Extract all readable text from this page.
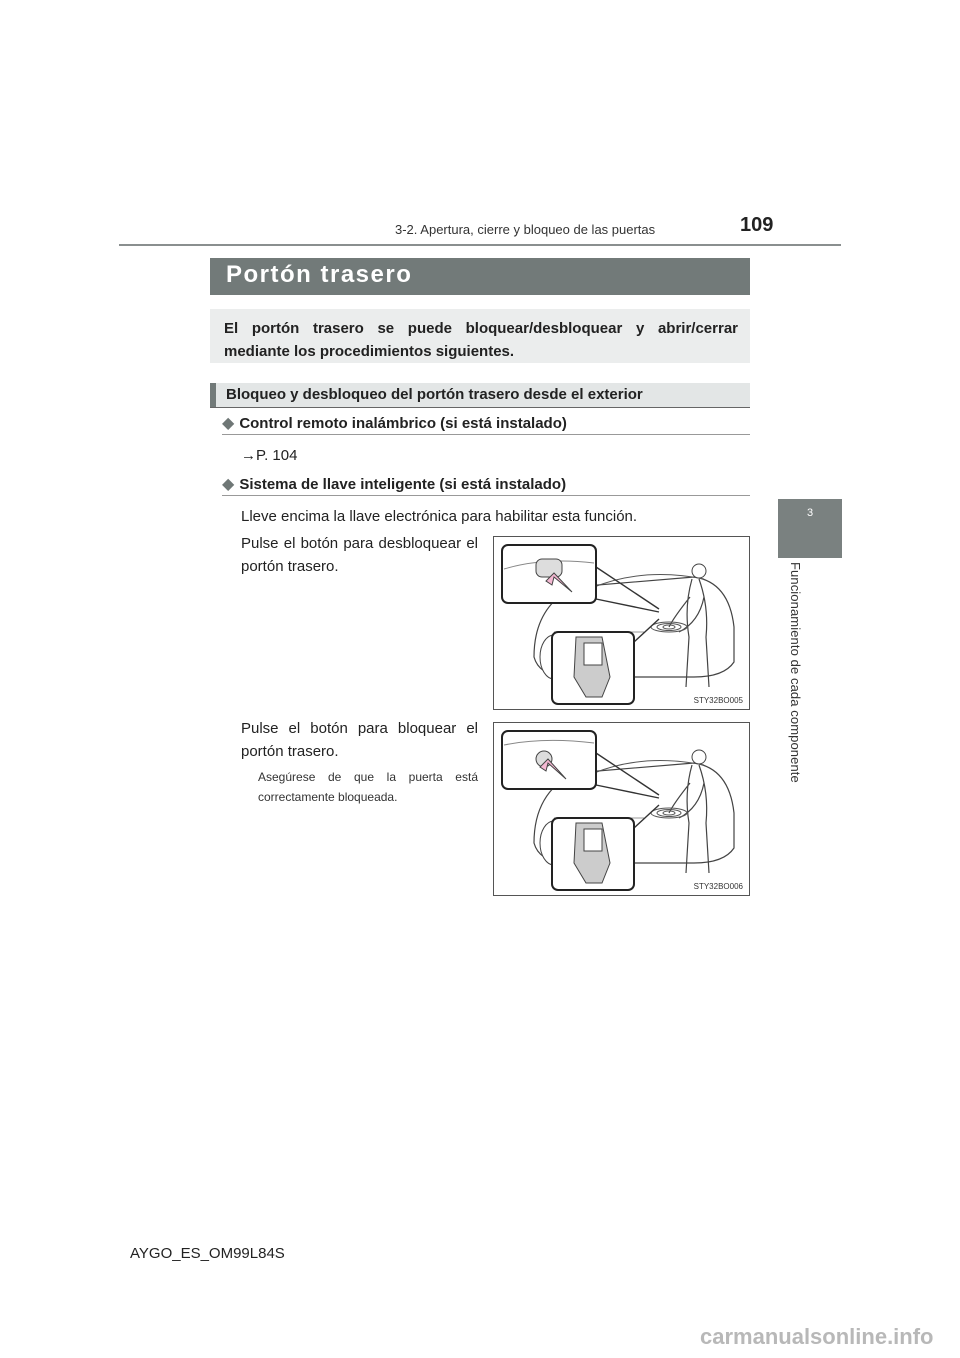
3-2. Apertura, cierre y bloqueo de las puertas	109
3
Funcionamiento de cada componente
Portón trasero
El portón trasero se puede bloquear/desbloquear y abrir/cerrar mediante los procedimientos siguientes.
Bloqueo y desbloqueo del portón trasero desde el exterior
◆ Control remoto inalámbrico (si está instalado)
→P. 104
◆ Sistema de llave inteligente (si está instalado)
Lleve encima la llave electrónica para habilitar esta función.
Pulse el botón para desbloquear el portón trasero.
STY32BO005
Pulse el botón para bloquear el portón trasero.
Asegúrese de que la puerta está correctamente bloqueada.
STY32BO006
AYGO_ES_OM99L84S
carmanualsonline.info
